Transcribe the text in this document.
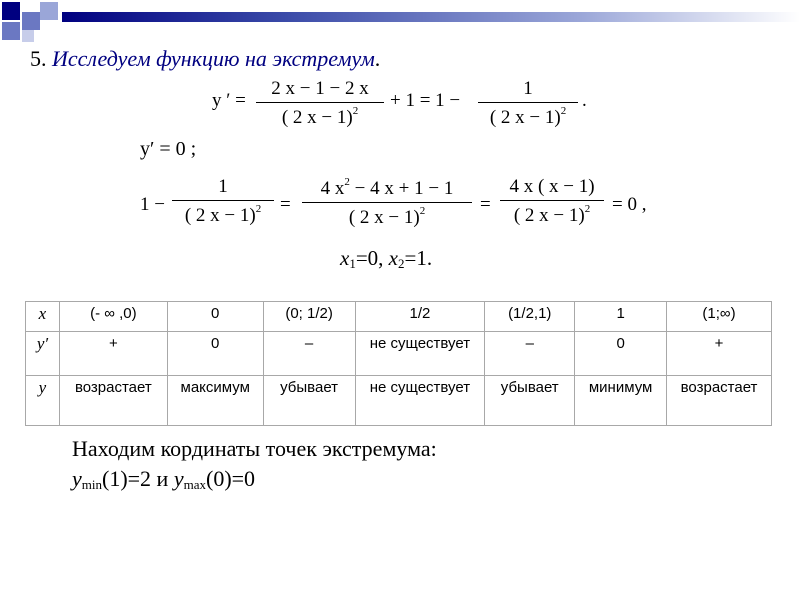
5. Исследуем функцию на экстремум.
y ′ =
2 x − 1 − 2 x
( 2 x − 1)$^2$	+ 1 = 1 −
1
( 2 x − 1)$^2$ .
y′ = 0 ;
1 −
1
( 2 x − 1)$^2$ =
4 $x^2 - 4$ x + 1 − 1
( 2 x − 1)$^2$	=
4 x ( x − 1)
( 2 x − 1)$^2$	= 0 ,
$x_1=0$, $x_2=1$.
x	(- ∞ ,0)	0	(0; 1/2)	1/2	(1/2,1)	1	(1;∞)
y′	+	0	–	не существует	–	0	+
y	возрастает	максимум	убывает	не существует	убывает	минимум	возрастает
Находим кординаты точек экстремума:
$y_{min}(1)=2$ и $y_{max}(0)=0$
